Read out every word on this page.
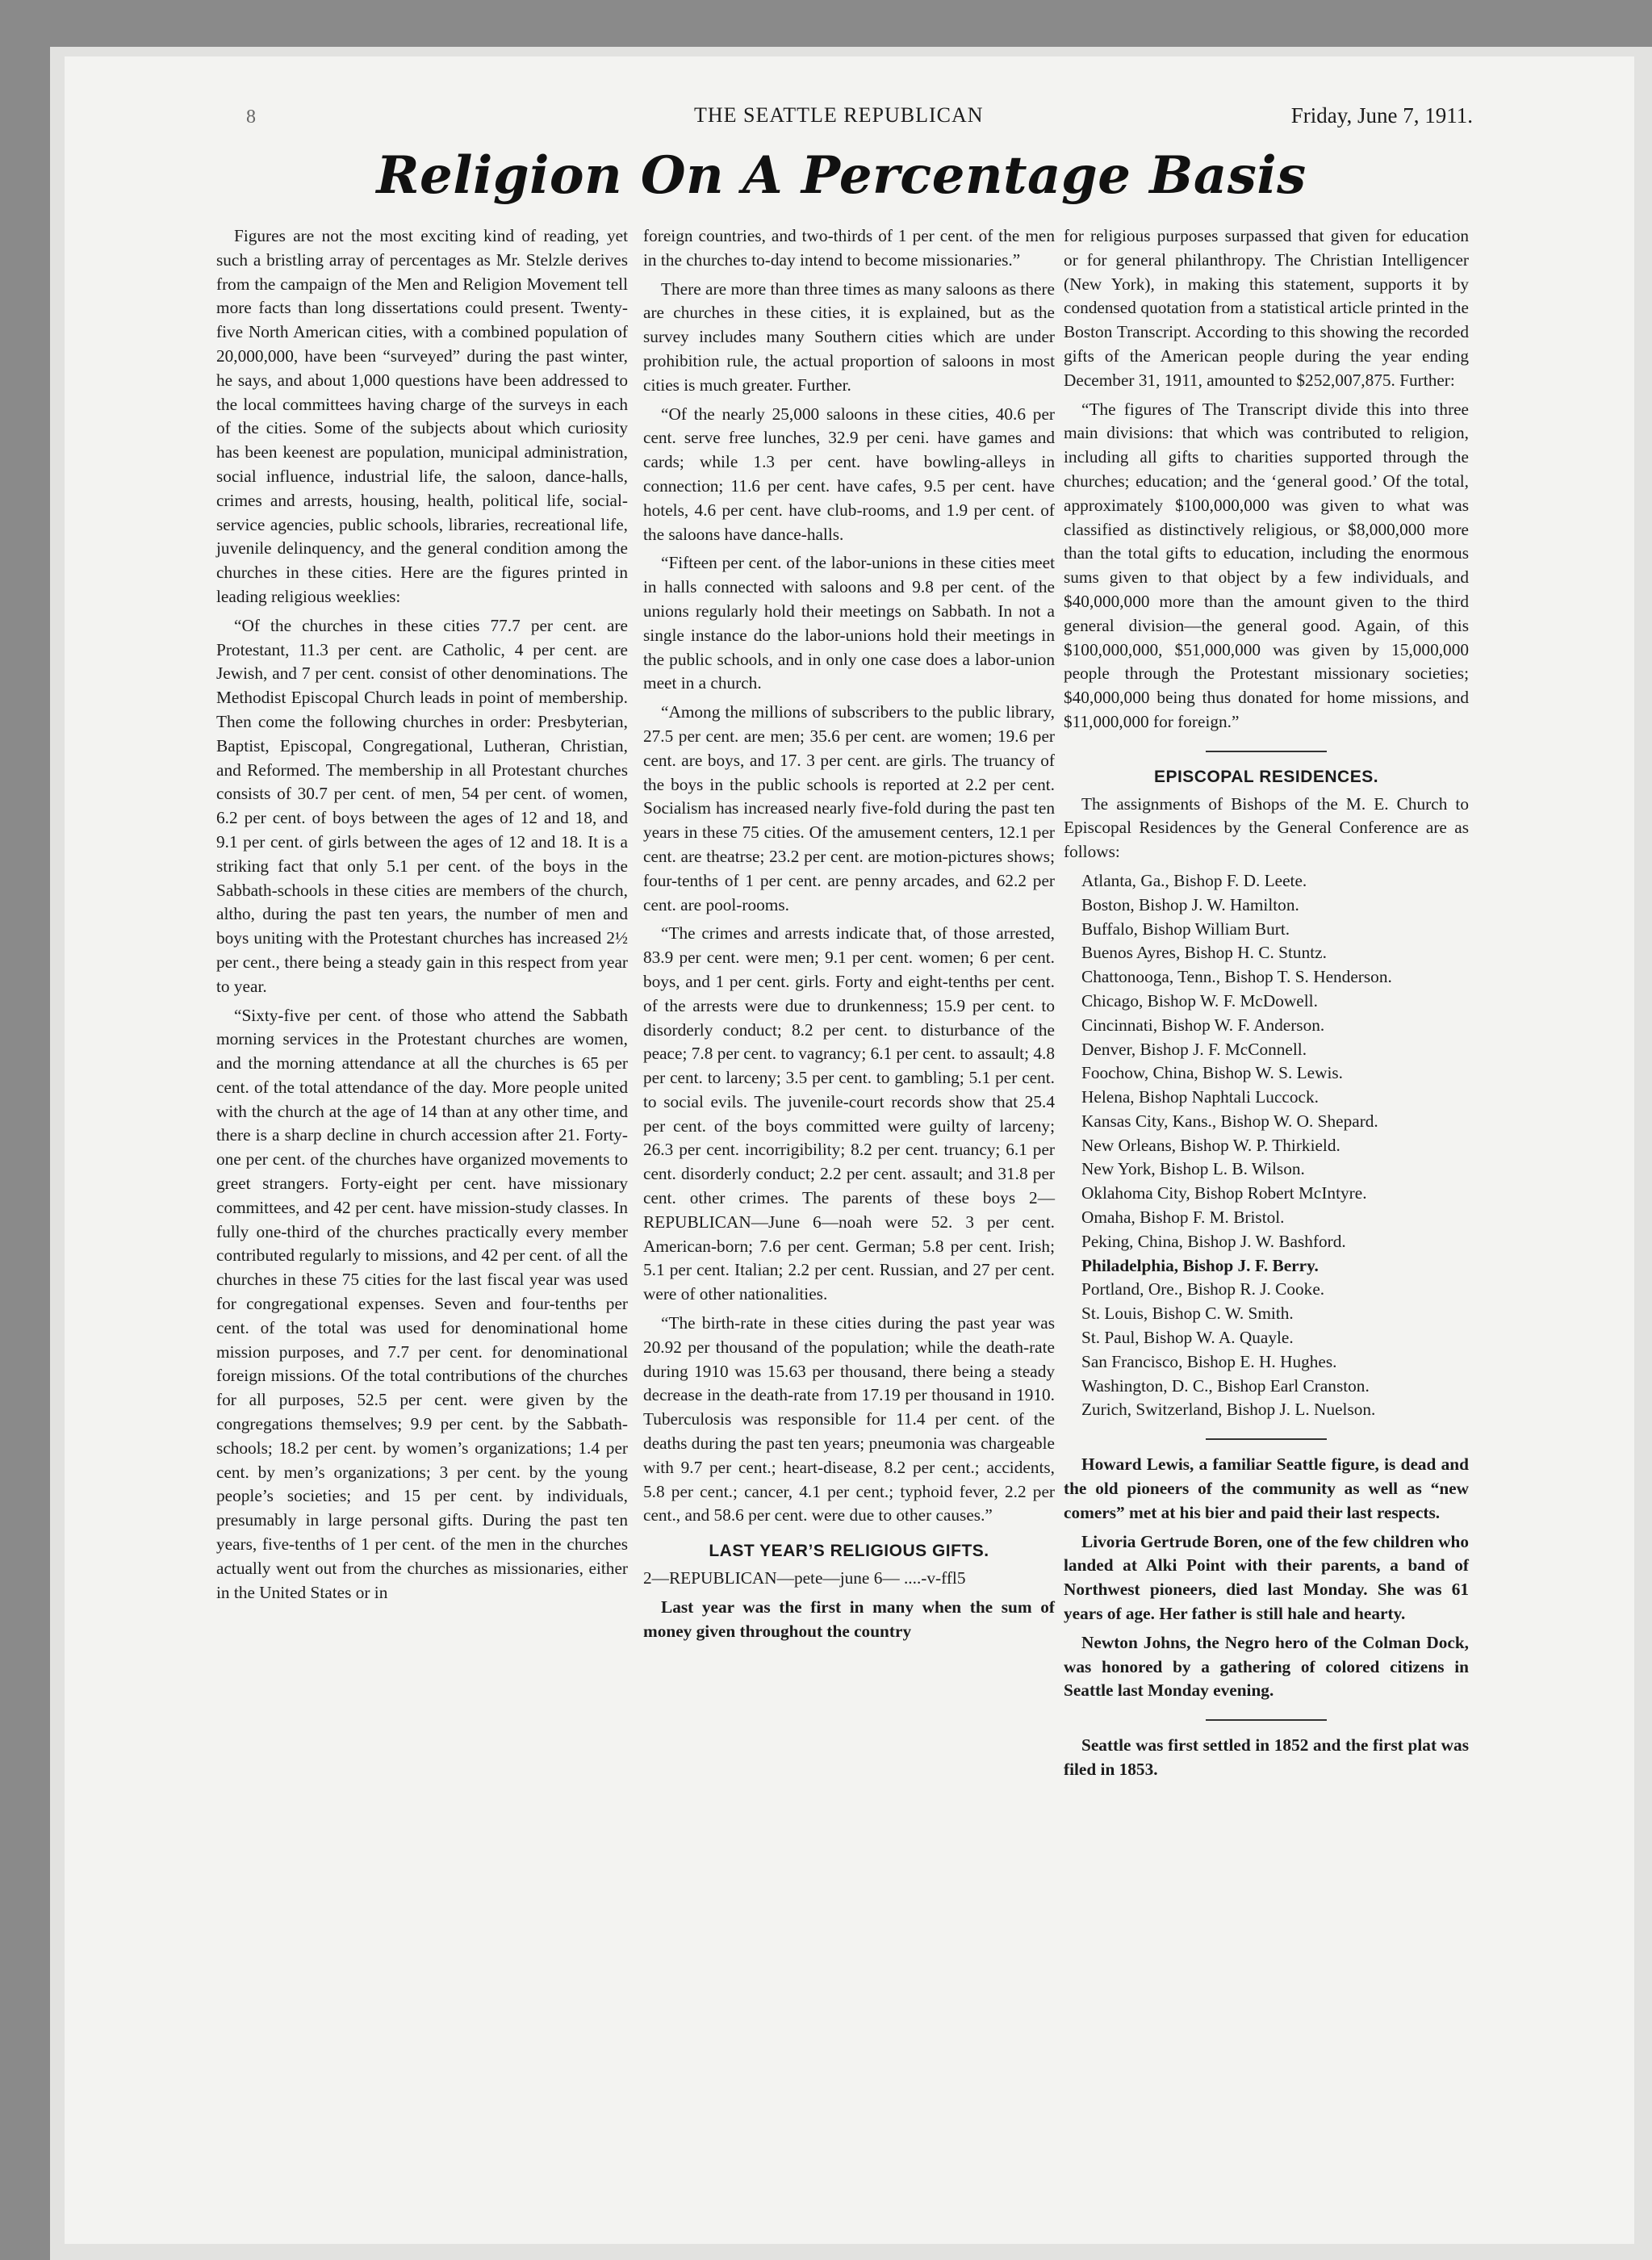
8	THE SEATTLE REPUBLICAN	Friday, June 7, 1911.
Religion On A Percentage Basis

Figures are not the most exciting kind of reading, yet such a bristling array of percentages as Mr. Stelzle derives from the campaign of the Men and Religion Movement tell more facts than long dissertations could present. Twenty-five North American cities, with a combined population of 20,000,000, have been “surveyed” during the past winter, he says, and about 1,000 questions have been addressed to the local committees having charge of the surveys in each of the cities. Some of the subjects about which curiosity has been keenest are population, municipal administration, social influence, industrial life, the saloon, dance-halls, crimes and arrests, housing, health, political life, social-service agencies, public schools, libraries, recreational life, juvenile delinquency, and the general condition among the churches in these cities. Here are the figures printed in leading religious weeklies:

“Of the churches in these cities 77.7 per cent. are Protestant, 11.3 per cent. are Catholic, 4 per cent. are Jewish, and 7 per cent. consist of other denominations. The Methodist Episcopal Church leads in point of membership. Then come the following churches in order: Presbyterian, Baptist, Episcopal, Congregational, Lutheran, Christian, and Reformed. The membership in all Protestant churches consists of 30.7 per cent. of men, 54 per cent. of women, 6.2 per cent. of boys between the ages of 12 and 18, and 9.1 per cent. of girls between the ages of 12 and 18. It is a striking fact that only 5.1 per cent. of the boys in the Sabbath-schools in these cities are members of the church, altho, during the past ten years, the number of men and boys uniting with the Protestant churches has increased 2½ per cent., there being a steady gain in this respect from year to year.

“Sixty-five per cent. of those who attend the Sabbath morning services in the Protestant churches are women, and the morning attendance at all the churches is 65 per cent. of the total attendance of the day. More people united with the church at the age of 14 than at any other time, and there is a sharp decline in church accession after 21. Forty-one per cent. of the churches have organized movements to greet strangers. Forty-eight per cent. have missionary committees, and 42 per cent. have mission-study classes. In fully one-third of the churches practically every member contributed regularly to missions, and 42 per cent. of all the churches in these 75 cities for the last fiscal year was used for congregational expenses. Seven and four-tenths per cent. of the total was used for denominational home mission purposes, and 7.7 per cent. for denominational foreign missions. Of the total contributions of the churches for all purposes, 52.5 per cent. were given by the congregations themselves; 9.9 per cent. by the Sabbath-schools; 18.2 per cent. by women’s organizations; 1.4 per cent. by men’s organizations; 3 per cent. by the young people’s societies; and 15 per cent. by individuals, presumably in large personal gifts. During the past ten years, five-tenths of 1 per cent. of the men in the churches actually went out from the churches as missionaries, either in the United States or in

foreign countries, and two-thirds of 1 per cent. of the men in the churches to-day intend to become missionaries.”

There are more than three times as many saloons as there are churches in these cities, it is explained, but as the survey includes many Southern cities which are under prohibition rule, the actual proportion of saloons in most cities is much greater. Further.

“Of the nearly 25,000 saloons in these cities, 40.6 per cent. serve free lunches, 32.9 per ceni. have games and cards; while 1.3 per cent. have bowling-alleys in connection; 11.6 per cent. have cafes, 9.5 per cent. have hotels, 4.6 per cent. have club-rooms, and 1.9 per cent. of the saloons have dance-halls.

“Fifteen per cent. of the labor-unions in these cities meet in halls connected with saloons and 9.8 per cent. of the unions regularly hold their meetings on Sabbath. In not a single instance do the labor-unions hold their meetings in the public schools, and in only one case does a labor-union meet in a church.

“Among the millions of subscribers to the public library, 27.5 per cent. are men; 35.6 per cent. are women; 19.6 per cent. are boys, and 17. 3 per cent. are girls. The truancy of the boys in the public schools is reported at 2.2 per cent. Socialism has increased nearly five-fold during the past ten years in these 75 cities. Of the amusement centers, 12.1 per cent. are theatrse; 23.2 per cent. are motion-pictures shows; four-tenths of 1 per cent. are penny arcades, and 62.2 per cent. are pool-rooms.

“The crimes and arrests indicate that, of those arrested, 83.9 per cent. were men; 9.1 per cent. women; 6 per cent. boys, and 1 per cent. girls. Forty and eight-tenths per cent. of the arrests were due to drunkenness; 15.9 per cent. to disorderly conduct; 8.2 per cent. to disturbance of the peace; 7.8 per cent. to vagrancy; 6.1 per cent. to assault; 4.8 per cent. to larceny; 3.5 per cent. to gambling; 5.1 per cent. to social evils. The juvenile-court records show that 25.4 per cent. of the boys committed were guilty of larceny; 26.3 per cent. incorrigibility; 8.2 per cent. truancy; 6.1 per cent. disorderly conduct; 2.2 per cent. assault; and 31.8 per cent. other crimes. The parents of these boys 2—REPUBLICAN—June 6—noah were 52. 3 per cent. American-born; 7.6 per cent. German; 5.8 per cent. Irish; 5.1 per cent. Italian; 2.2 per cent. Russian, and 27 per cent. were of other nationalities.

“The birth-rate in these cities during the past year was 20.92 per thousand of the population; while the death-rate during 1910 was 15.63 per thousand, there being a steady decrease in the death-rate from 17.19 per thousand in 1910. Tuberculosis was responsible for 11.4 per cent. of the deaths during the past ten years; pneumonia was chargeable with 9.7 per cent.; heart-disease, 8.2 per cent.; accidents, 5.8 per cent.; cancer, 4.1 per cent.; typhoid fever, 2.2 per cent., and 58.6 per cent. were due to other causes.”

LAST YEAR’S RELIGIOUS GIFTS.

2—REPUBLICAN—pete—june 6— ....-v-ffl5

Last year was the first in many when the sum of money given throughout the country

for religious purposes surpassed that given for education or for general philanthropy. The Christian Intelligencer (New York), in making this statement, supports it by condensed quotation from a statistical article printed in the Boston Transcript. According to this showing the recorded gifts of the American people during the year ending December 31, 1911, amounted to $252,007,875. Further:

“The figures of The Transcript divide this into three main divisions: that which was contributed to religion, including all gifts to charities supported through the churches; education; and the ‘general good.’ Of the total, approximately $100,000,000 was given to what was classified as distinctively religious, or $8,000,000 more than the total gifts to education, including the enormous sums given to that object by a few individuals, and $40,000,000 more than the amount given to the third general division—the general good. Again, of this $100,000,000, $51,000,000 was given by 15,000,000 people through the Protestant missionary societies; $40,000,000 being thus donated for home missions, and $11,000,000 for foreign.”

EPISCOPAL RESIDENCES.

The assignments of Bishops of the M. E. Church to Episcopal Residences by the General Conference are as follows:

Atlanta, Ga., Bishop F. D. Leete.
Boston, Bishop J. W. Hamilton.
Buffalo, Bishop William Burt.
Buenos Ayres, Bishop H. C. Stuntz.
Chattonooga, Tenn., Bishop T. S. Henderson.
Chicago, Bishop W. F. McDowell.
Cincinnati, Bishop W. F. Anderson.
Denver, Bishop J. F. McConnell.
Foochow, China, Bishop W. S. Lewis.
Helena, Bishop Naphtali Luccock.
Kansas City, Kans., Bishop W. O. Shepard.
New Orleans, Bishop W. P. Thirkield.
New York, Bishop L. B. Wilson.
Oklahoma City, Bishop Robert McIntyre.
Omaha, Bishop F. M. Bristol.
Peking, China, Bishop J. W. Bashford.
Philadelphia, Bishop J. F. Berry.
Portland, Ore., Bishop R. J. Cooke.
St. Louis, Bishop C. W. Smith.
St. Paul, Bishop W. A. Quayle.
San Francisco, Bishop E. H. Hughes.
Washington, D. C., Bishop Earl Cranston.
Zurich, Switzerland, Bishop J. L. Nuelson.

Howard Lewis, a familiar Seattle figure, is dead and the old pioneers of the community as well as “new comers” met at his bier and paid their last respects.

Livoria Gertrude Boren, one of the few children who landed at Alki Point with their parents, a band of Northwest pioneers, died last Monday. She was 61 years of age. Her father is still hale and hearty.

Newton Johns, the Negro hero of the Colman Dock, was honored by a gathering of colored citizens in Seattle last Monday evening.

Seattle was first settled in 1852 and the first plat was filed in 1853.
